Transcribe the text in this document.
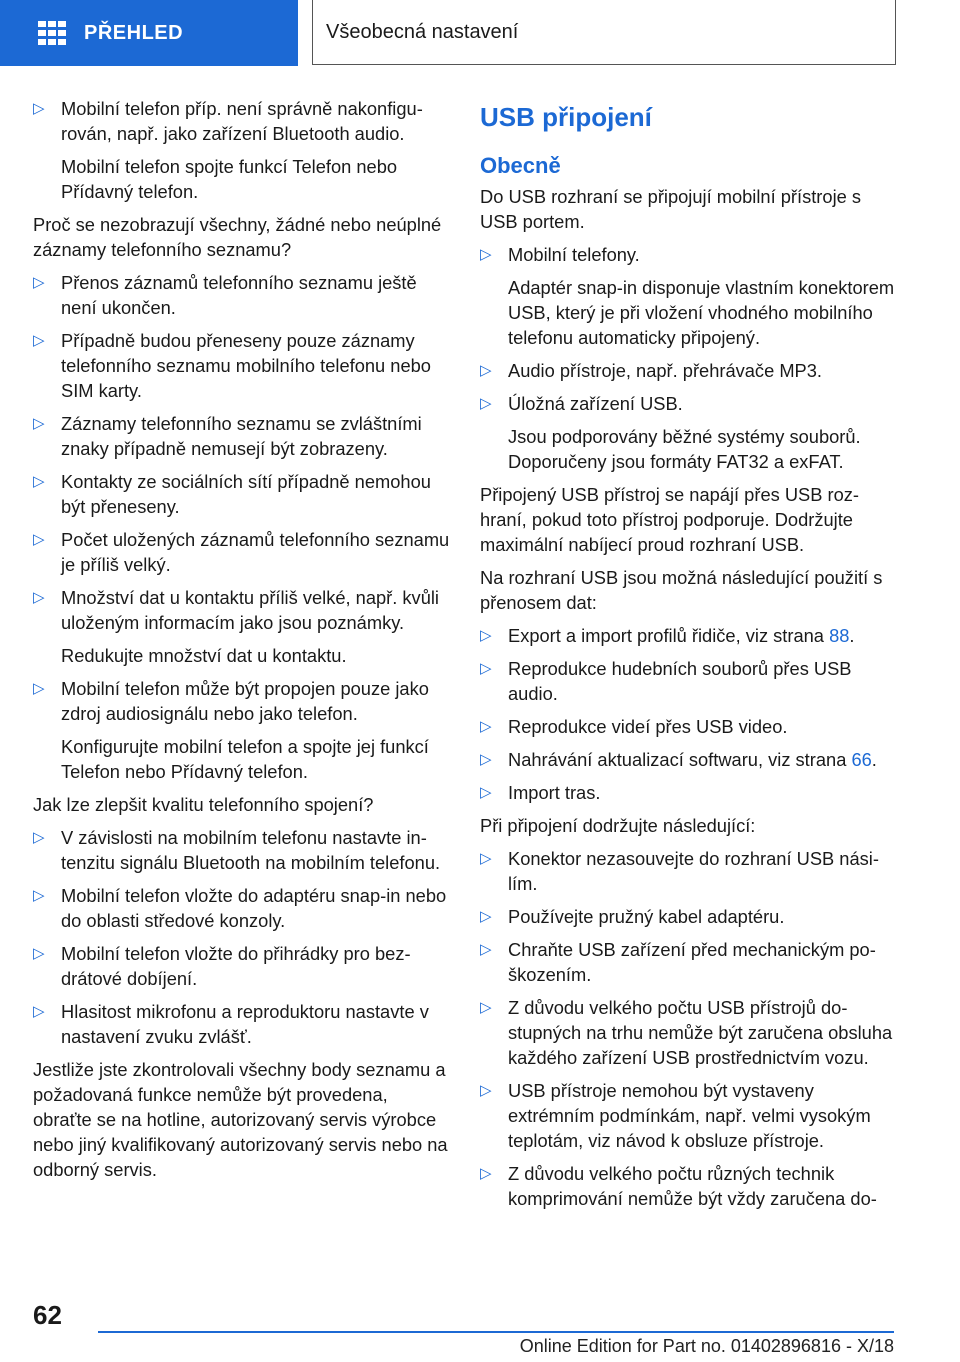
PŘEHLED	Všeobecná nastavení
▷ Mobilní telefon příp. není správně nakonfigurován, např. jako zařízení Bluetooth audio.
Mobilní telefon spojte funkcí Telefon nebo Přídavný telefon.

Proč se nezobrazují všechny, žádné nebo neúplné záznamy telefonního seznamu?

▷ Přenos záznamů telefonního seznamu ještě není ukončen.
▷ Případně budou přeneseny pouze záznamy telefonního seznamu mobilního telefonu nebo SIM karty.
▷ Záznamy telefonního seznamu se zvláštními znaky případně nemusejí být zobrazeny.
▷ Kontakty ze sociálních sítí případně nemohou být přeneseny.
▷ Počet uložených záznamů telefonního seznamu je příliš velký.
▷ Množství dat u kontaktu příliš velké, např. kvůli uloženým informacím jako jsou poznámky.
Redukujte množství dat u kontaktu.
▷ Mobilní telefon může být propojen pouze jako zdroj audiosignálu nebo jako telefon.
Konfigurujte mobilní telefon a spojte jej funkcí Telefon nebo Přídavný telefon.

Jak lze zlepšit kvalitu telefonního spojení?

▷ V závislosti na mobilním telefonu nastavte intenzitu signálu Bluetooth na mobilním telefonu.
▷ Mobilní telefon vložte do adaptéru snap-in nebo do oblasti středové konzoly.
▷ Mobilní telefon vložte do přihrádky pro bezdrátové dobíjení.
▷ Hlasitost mikrofonu a reproduktoru nastavte v nastavení zvuku zvlášť.

Jestliže jste zkontrolovali všechny body seznamu a požadovaná funkce nemůže být provedena, obraťte se na hotline, autorizovaný servis výrobce nebo jiný kvalifikovaný autorizovaný servis nebo na odborný servis.

USB připojení
Obecně

Do USB rozhraní se připojují mobilní přístroje s USB portem.

▷ Mobilní telefony.
Adaptér snap-in disponuje vlastním konektorem USB, který je při vložení vhodného mobilního telefonu automaticky připojený.
▷ Audio přístroje, např. přehrávače MP3.
▷ Úložná zařízení USB.
Jsou podporovány běžné systémy souborů. Doporučeny jsou formáty FAT32 a exFAT.

Připojený USB přístroj se napájí přes USB rozhraní, pokud toto přístroj podporuje. Dodržujte maximální nabíjecí proud rozhraní USB.

Na rozhraní USB jsou možná následující použití s přenosem dat:

▷ Export a import profilů řidiče, viz strana 88.
▷ Reprodukce hudebních souborů přes USB audio.
▷ Reprodukce videí přes USB video.
▷ Nahrávání aktualizací softwaru, viz strana 66.
▷ Import tras.

Při připojení dodržujte následující:

▷ Konektor nezasouvejte do rozhraní USB násilím.
▷ Používejte pružný kabel adaptéru.
▷ Chraňte USB zařízení před mechanickým poškozením.
▷ Z důvodu velkého počtu USB přístrojů dostupných na trhu nemůže být zaručena obsluha každého zařízení USB prostřednictvím vozu.
▷ USB přístroje nemohou být vystaveny extrémním podmínkám, např. velmi vysokým teplotám, viz návod k obsluze přístroje.
▷ Z důvodu velkého počtu různých technik komprimování nemůže být vždy zaručena do-
62
Online Edition for Part no. 01402896816 - X/18
